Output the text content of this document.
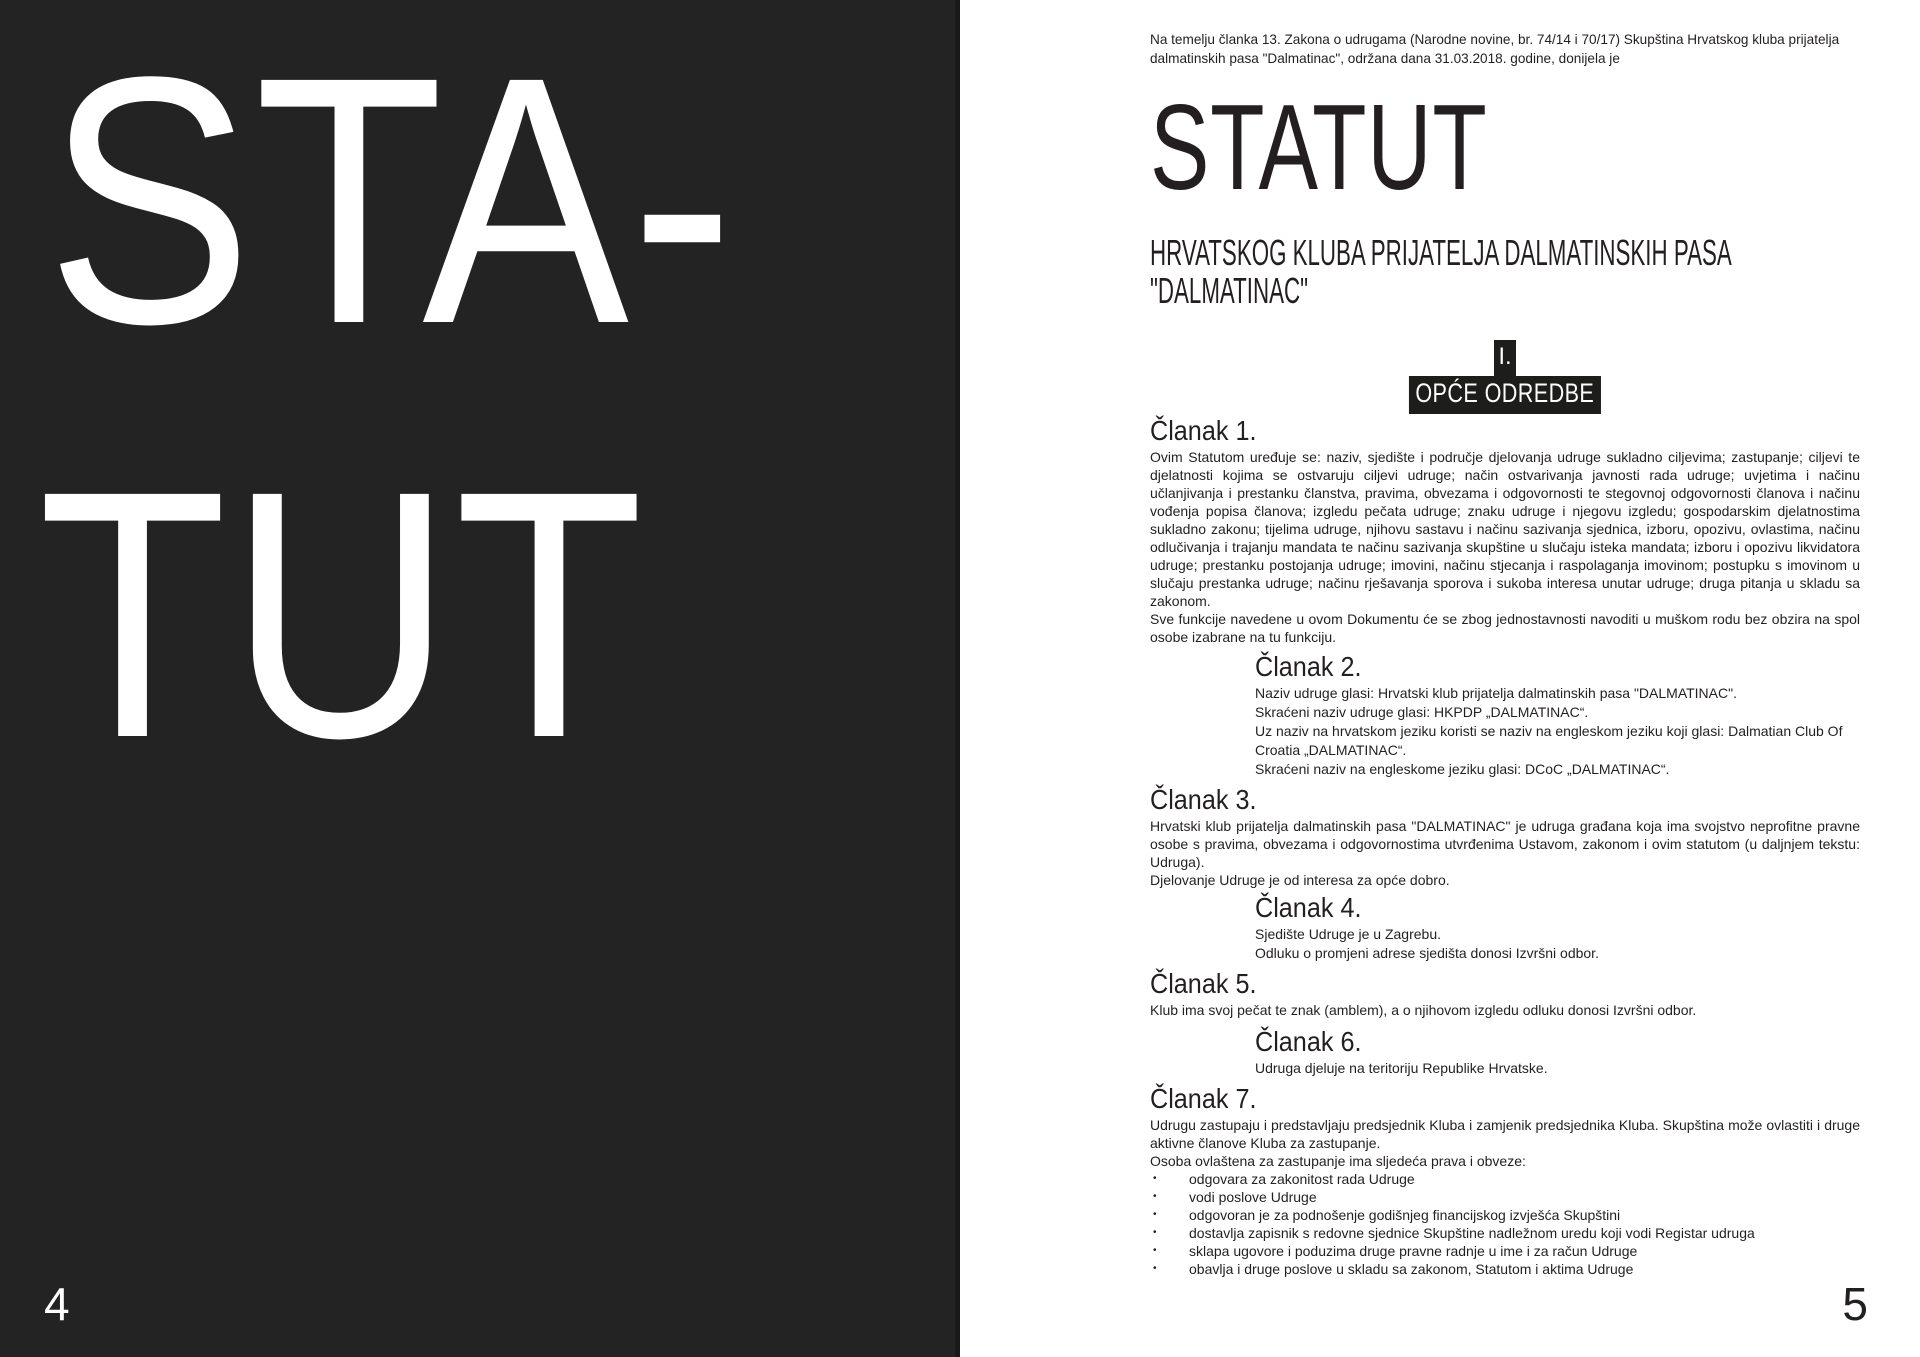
STA-
TUT
4

Na temelju članka 13. Zakona o udrugama (Narodne novine, br. 74/14 i 70/17) Skupština Hrvatskog kluba prijatelja dalmatinskih pasa "Dalmatinac", održana dana 31.03.2018. godine, donijela je

STATUT
HRVATSKOG KLUBA PRIJATELJA DALMATINSKIH PASA
"DALMATINAC"
I.
OPĆE ODREDBE
Članak 1.

Ovim Statutom uređuje se: naziv, sjedište i područje djelovanja udruge sukladno ciljevima; zastupanje; ciljevi te djelatnosti kojima se ostvaruju ciljevi udruge; način ostvarivanja javnosti rada udruge; uvjetima i načinu učlanjivanja i prestanku članstva, pravima, obvezama i odgovornosti te stegovnoj odgovornosti članova i načinu vođenja popisa članova; izgledu pečata udruge; znaku udruge i njegovu izgledu; gospodarskim djelatnostima sukladno zakonu; tijelima udruge, njihovu sastavu i načinu sazivanja sjednica, izboru, opozivu, ovlastima, načinu odlučivanja i trajanju mandata te načinu sazivanja skupštine u slučaju isteka mandata; izboru i opozivu likvidatora udruge; prestanku postojanja udruge; imovini, načinu stjecanja i raspolaganja imovinom; postupku s imovinom u slučaju prestanka udruge; načinu rješavanja sporova i sukoba interesa unutar udruge; druga pitanja u skladu sa zakonom.

Sve funkcije navedene u ovom Dokumentu će se zbog jednostavnosti navoditi u muškom rodu bez obzira na spol osobe izabrane na tu funkciju.

Članak 2.

Naziv udruge glasi: Hrvatski klub prijatelja dalmatinskih pasa "DALMATINAC".

Skraćeni naziv udruge glasi: HKPDP „DALMATINAC“.

Uz naziv na hrvatskom jeziku koristi se naziv na engleskom jeziku koji glasi: Dalmatian Club Of Croatia „DALMATINAC“.

Skraćeni naziv na engleskome jeziku glasi: DCoC „DALMATINAC“.

Članak 3.

Hrvatski klub prijatelja dalmatinskih pasa "DALMATINAC" je udruga građana koja ima svojstvo neprofitne pravne osobe s pravima, obvezama i odgovornostima utvrđenima Ustavom, zakonom i ovim statutom (u daljnjem tekstu: Udruga).

Djelovanje Udruge je od interesa za opće dobro.

Članak 4.

Sjedište Udruge je u Zagrebu.

Odluku o promjeni adrese sjedišta donosi Izvršni odbor.

Članak 5.

Klub ima svoj pečat te znak (amblem), a o njihovom izgledu odluku donosi Izvršni odbor.

Članak 6.

Udruga djeluje na teritoriju Republike Hrvatske.

Članak 7.

Udrugu zastupaju i predstavljaju predsjednik Kluba i zamjenik predsjednika Kluba. Skupština može ovlastiti i druge aktivne članove Kluba za zastupanje.

Osoba ovlaštena za zastupanje ima sljedeća prava i obveze:

•	odgovara za zakonitost rada Udruge
•	vodi poslove Udruge
•	odgovoran je za podnošenje godišnjeg financijskog izvješća Skupštini
•	dostavlja zapisnik s redovne sjednice Skupštine nadležnom uredu koji vodi Registar udruga
•	sklapa ugovore i poduzima druge pravne radnje u ime i za račun Udruge
•	obavlja i druge poslove u skladu sa zakonom, Statutom i aktima Udruge
5
